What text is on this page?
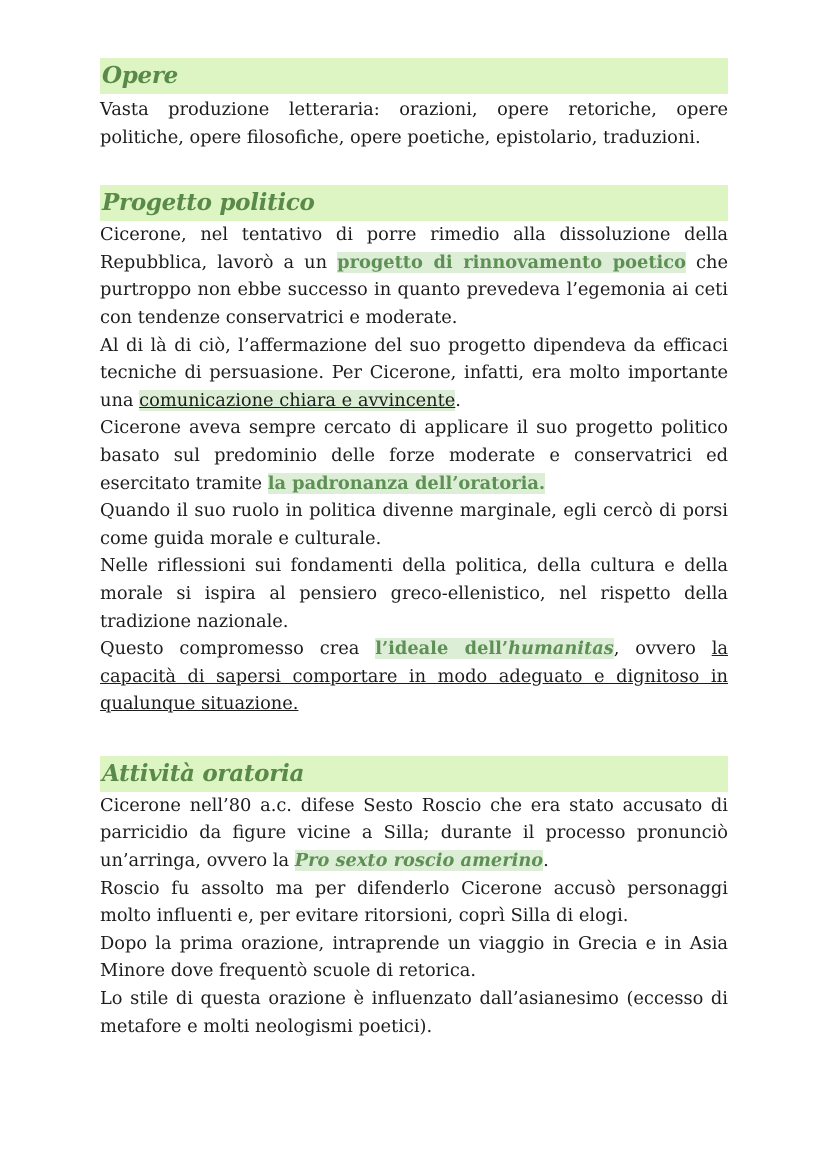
Opere

Vasta produzione letteraria: orazioni, opere retoriche, opere politiche, opere filosofiche, opere poetiche, epistolario, traduzioni.

Progetto politico

Cicerone, nel tentativo di porre rimedio alla dissoluzione della Repubblica, lavorò a un progetto di rinnovamento poetico che purtroppo non ebbe successo in quanto prevedeva l’egemonia ai ceti con tendenze conservatrici e moderate.

Al di là di ciò, l’affermazione del suo progetto dipendeva da efficaci tecniche di persuasione. Per Cicerone, infatti, era molto importante una comunicazione chiara e avvincente.

Cicerone aveva sempre cercato di applicare il suo progetto politico basato sul predominio delle forze moderate e conservatrici ed esercitato tramite la padronanza dell’oratoria.

Quando il suo ruolo in politica divenne marginale, egli cercò di porsi come guida morale e culturale.

Nelle riflessioni sui fondamenti della politica, della cultura e della morale si ispira al pensiero greco-ellenistico, nel rispetto della tradizione nazionale.

Questo compromesso crea l’ideale dell’humanitas, ovvero la capacità di sapersi comportare in modo adeguato e dignitoso in qualunque situazione.

Attività oratoria

Cicerone nell’80 a.c. difese Sesto Roscio che era stato accusato di parricidio da figure vicine a Silla; durante il processo pronunciò un’arringa, ovvero la Pro sexto roscio amerino.

Roscio fu assolto ma per difenderlo Cicerone accusò personaggi molto influenti e, per evitare ritorsioni, coprì Silla di elogi.

Dopo la prima orazione, intraprende un viaggio in Grecia e in Asia Minore dove frequentò scuole di retorica.

Lo stile di questa orazione è influenzato dall’asianesimo (eccesso di metafore e molti neologismi poetici).
